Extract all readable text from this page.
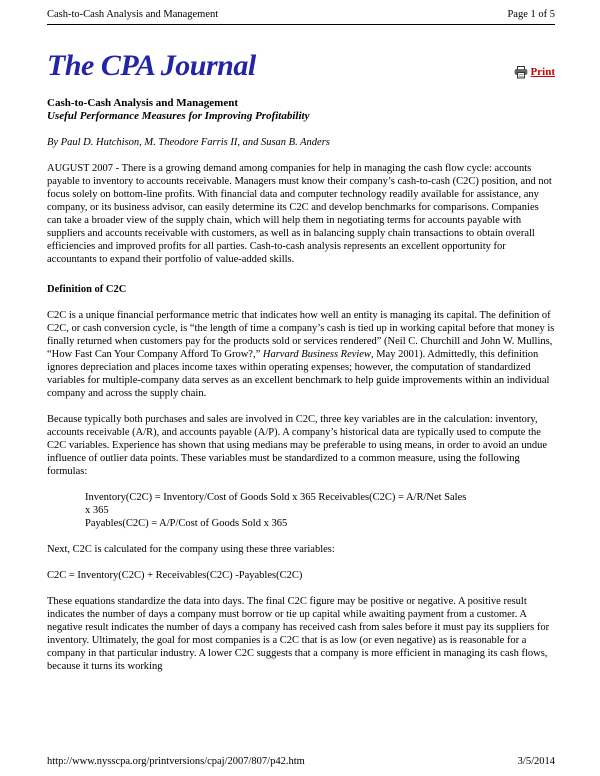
Cash-to-Cash Analysis and Management	Page 1 of 5
The CPA Journal	Print
Cash-to-Cash Analysis and Management
Useful Performance Measures for Improving Profitability

By Paul D. Hutchison, M. Theodore Farris II, and Susan B. Anders

AUGUST 2007 - There is a growing demand among companies for help in managing the cash flow cycle: accounts payable to inventory to accounts receivable. Managers must know their company’s cash-to-cash (C2C) position, and not focus solely on bottom-line profits. With financial data and computer technology readily available for assistance, any company, or its business advisor, can easily determine its C2C and develop benchmarks for comparisons. Companies can take a broader view of the supply chain, which will help them in negotiating terms for accounts payable with suppliers and accounts receivable with customers, as well as in balancing supply chain transactions to obtain overall efficiencies and improved profits for all parties. Cash-to-cash analysis represents an excellent opportunity for accountants to expand their portfolio of value-added skills.

Definition of C2C

C2C is a unique financial performance metric that indicates how well an entity is managing its capital. The definition of C2C, or cash conversion cycle, is “the length of time a company’s cash is tied up in working capital before that money is finally returned when customers pay for the products sold or services rendered” (Neil C. Churchill and John W. Mullins, “How Fast Can Your Company Afford To Grow?,” Harvard Business Review, May 2001). Admittedly, this definition ignores depreciation and places income taxes within operating expenses; however, the computation of standardized variables for multiple-company data serves as an excellent benchmark to help guide improvements within an individual company and across the supply chain.

Because typically both purchases and sales are involved in C2C, three key variables are in the calculation: inventory, accounts receivable (A/R), and accounts payable (A/P). A company’s historical data are typically used to compute the C2C variables. Experience has shown that using medians may be preferable to using means, in order to avoid an undue influence of outlier data points. These variables must be standardized to a common measure, using the following formulas:

Inventory(C2C) = Inventory/Cost of Goods Sold x 365 Receivables(C2C) = A/R/Net Sales
x 365
Payables(C2C) = A/P/Cost of Goods Sold x 365

Next, C2C is calculated for the company using these three variables:

C2C = Inventory(C2C) + Receivables(C2C) -Payables(C2C)

These equations standardize the data into days. The final C2C figure may be positive or negative. A positive result indicates the number of days a company must borrow or tie up capital while awaiting payment from a customer. A negative result indicates the number of days a company has received cash from sales before it must pay its suppliers for inventory. Ultimately, the goal for most companies is a C2C that is as low (or even negative) as is reasonable for a company in that particular industry. A lower C2C suggests that a company is more efficient in managing its cash flows, because it turns its working

http://www.nysscpa.org/printversions/cpaj/2007/807/p42.htm	3/5/2014
